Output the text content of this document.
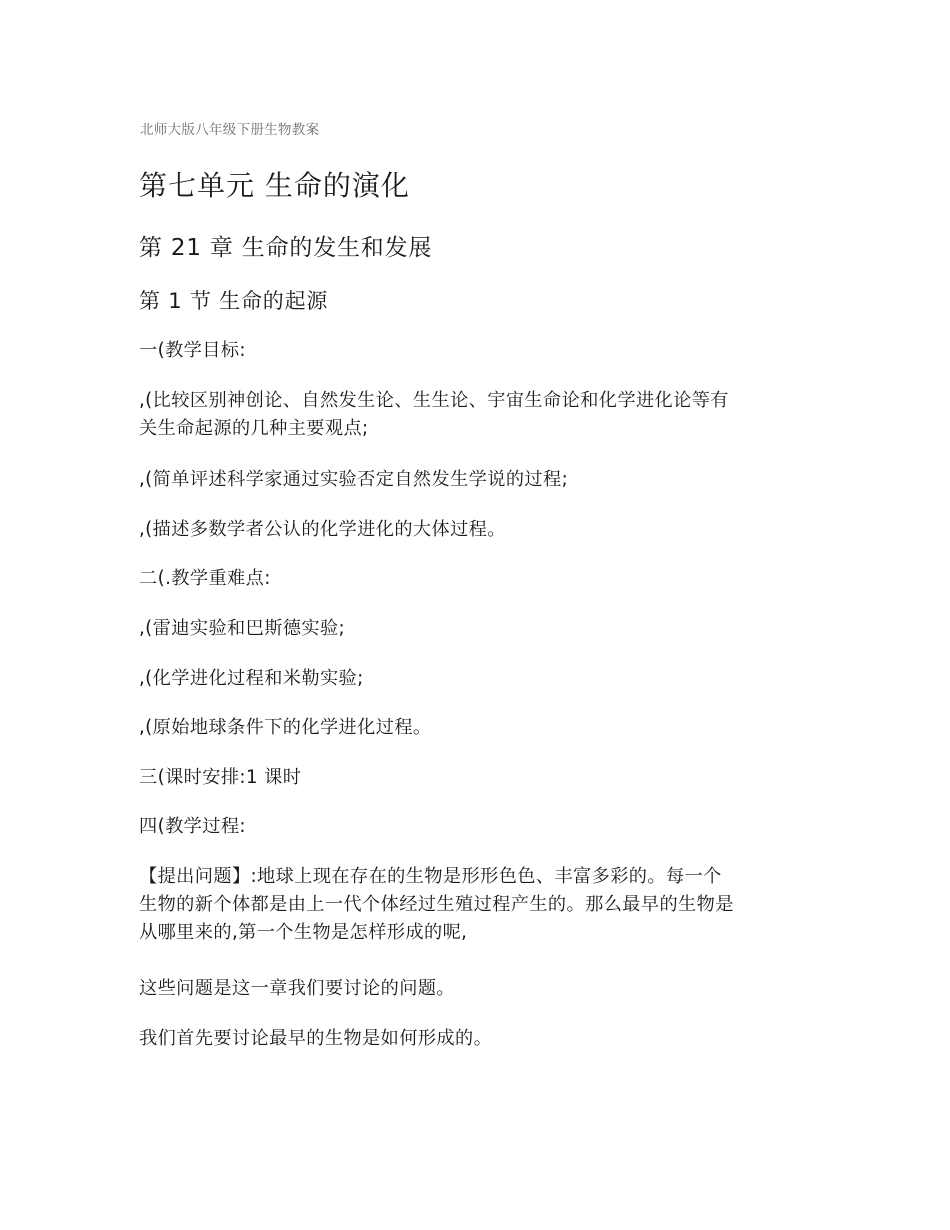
北师大版八年级下册生物教案
第七单元 生命的演化
第 21 章 生命的发生和发展
第 1 节 生命的起源
一(教学目标:
,(比较区别神创论、自然发生论、生生论、宇宙生命论和化学进化论等有
关生命起源的几种主要观点;
,(简单评述科学家通过实验否定自然发生学说的过程;
,(描述多数学者公认的化学进化的大体过程。
二(.教学重难点:
,(雷迪实验和巴斯德实验;
,(化学进化过程和米勒实验;
,(原始地球条件下的化学进化过程。
三(课时安排:1 课时
四(教学过程:
【提出问题】:地球上现在存在的生物是形形色色、丰富多彩的。每一个
生物的新个体都是由上一代个体经过生殖过程产生的。那么最早的生物是
从哪里来的,第一个生物是怎样形成的呢,
这些问题是这一章我们要讨论的问题。
我们首先要讨论最早的生物是如何形成的。
